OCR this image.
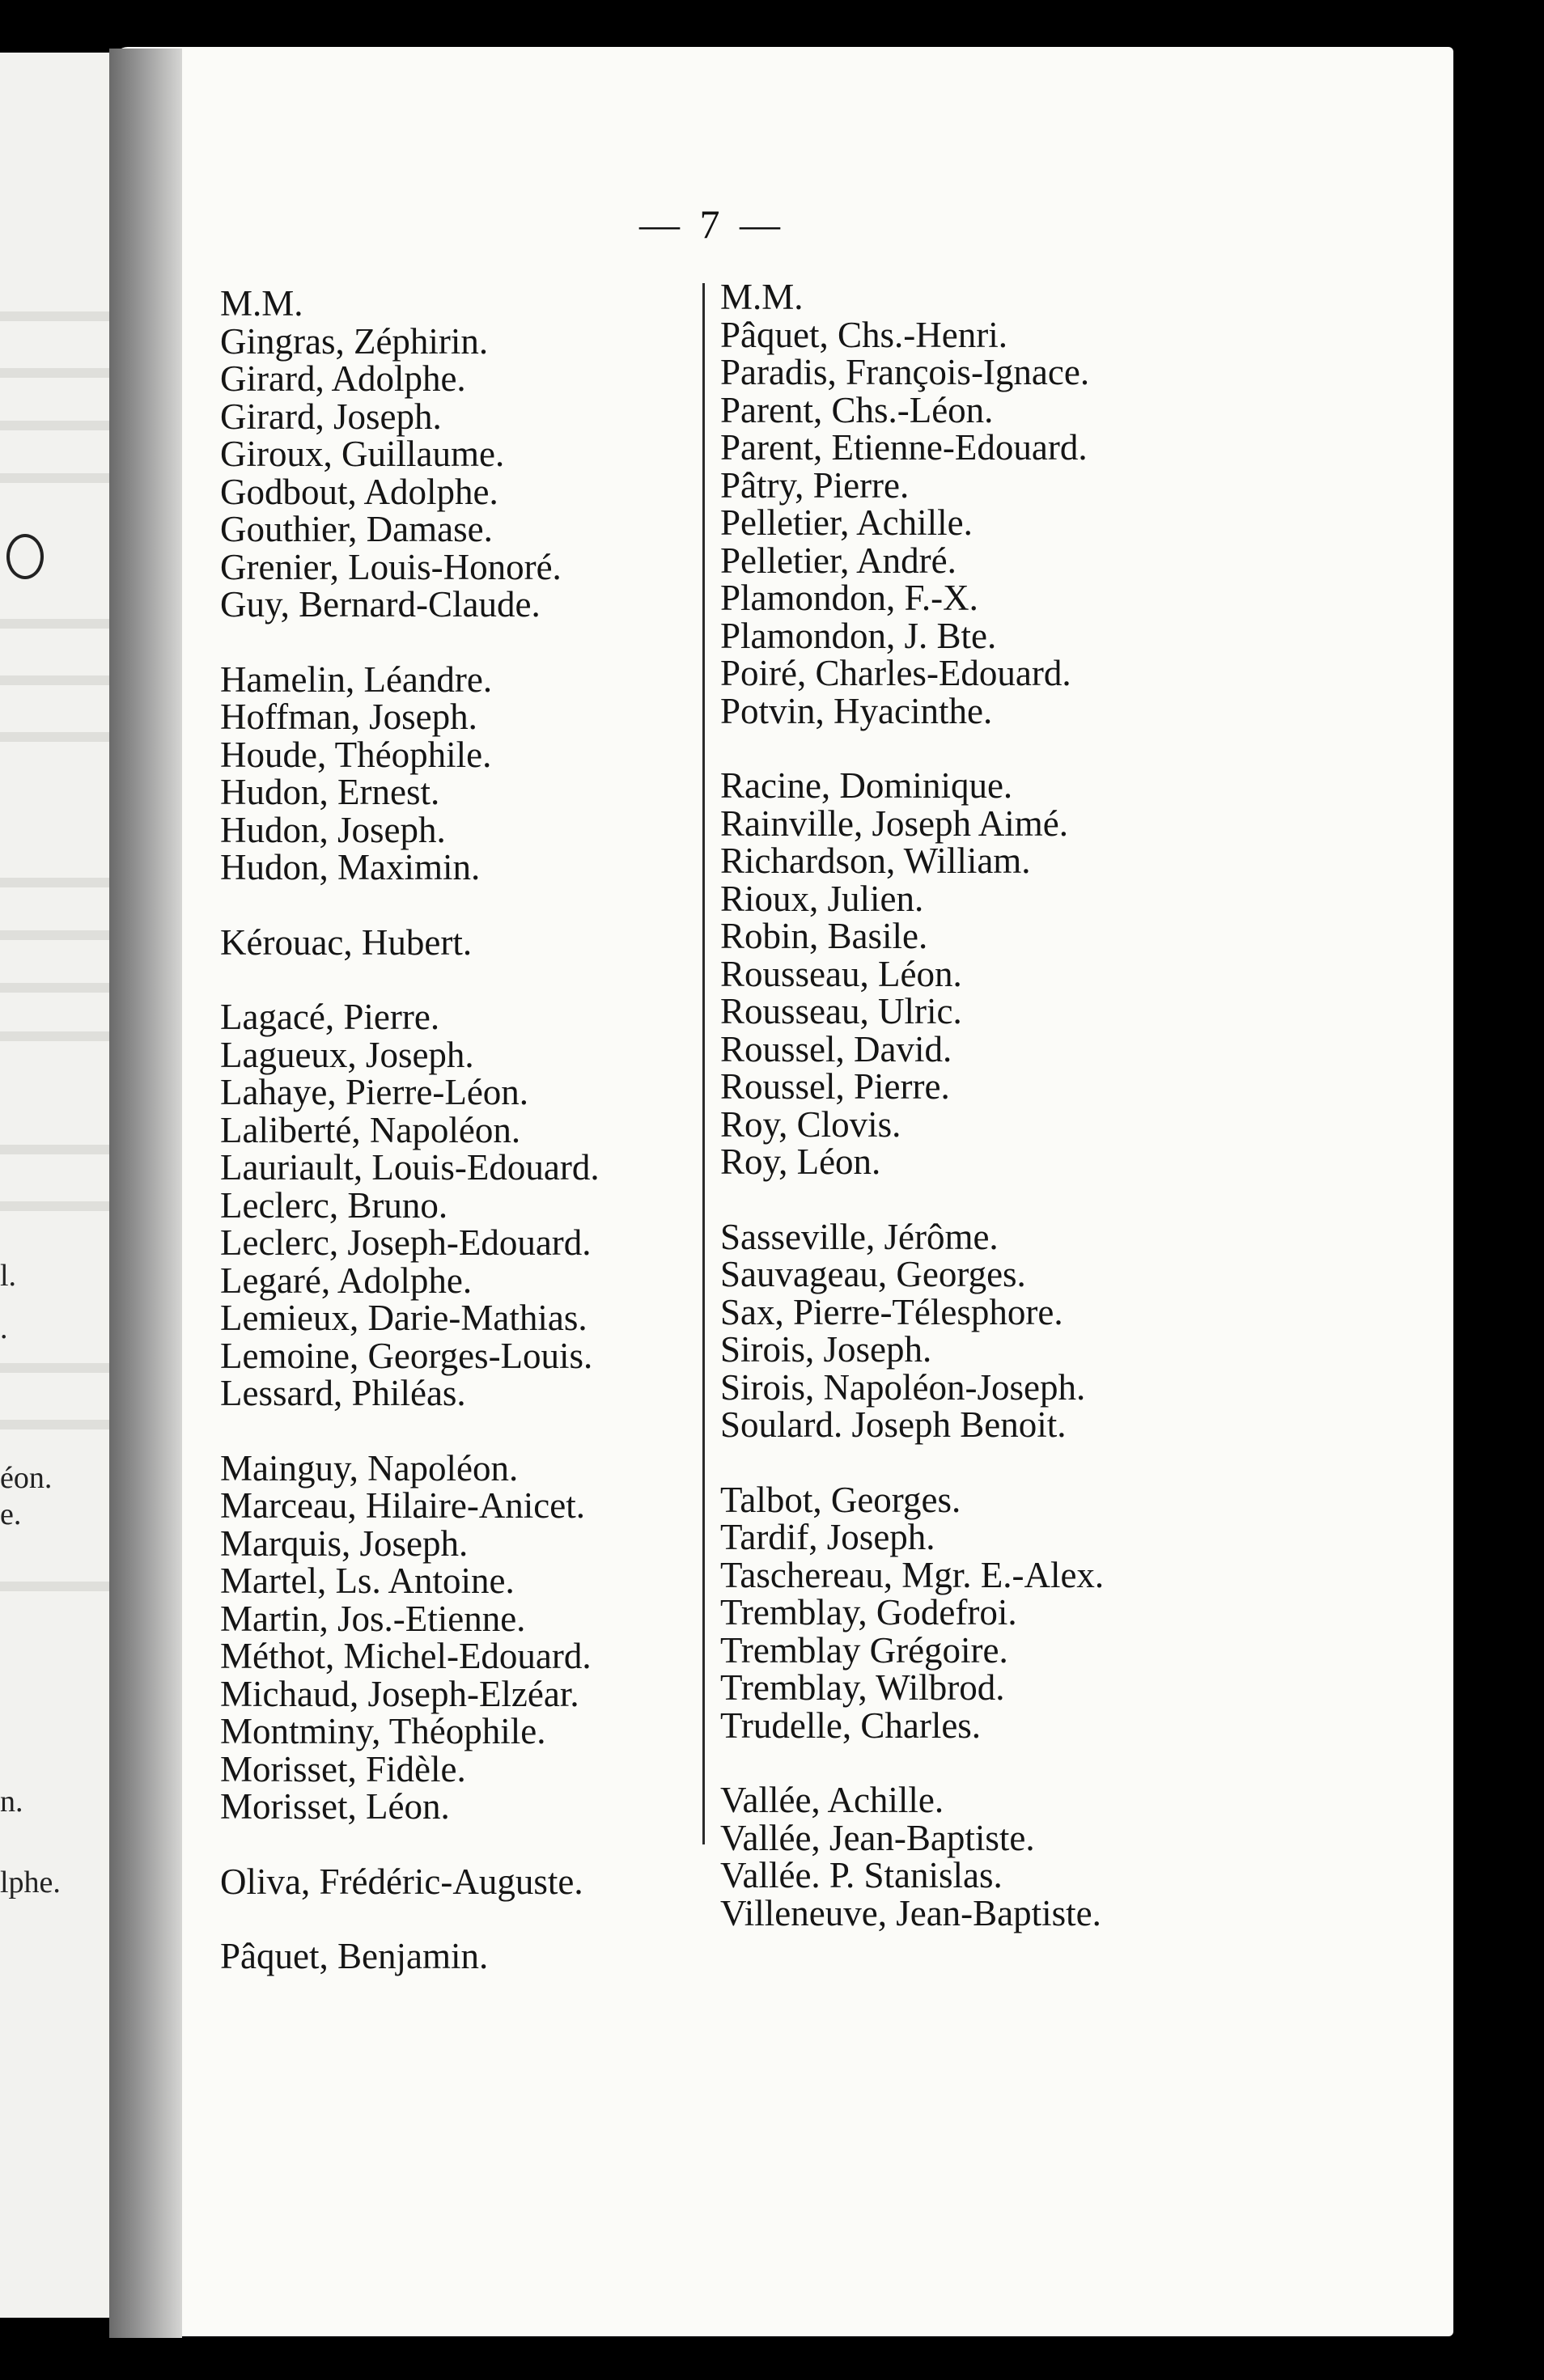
l.
.
éon.
e.
n.
lphe.
— 7 —
M.M.
Gingras, Zéphirin.
Girard, Adolphe.
Girard, Joseph.
Giroux, Guillaume.
Godbout, Adolphe.
Gouthier, Damase.
Grenier, Louis-Honoré.
Guy, Bernard-Claude.
Hamelin, Léandre.
Hoffman, Joseph.
Houde, Théophile.
Hudon, Ernest.
Hudon, Joseph.
Hudon, Maximin.
Kérouac, Hubert.
Lagacé, Pierre.
Lagueux, Joseph.
Lahaye, Pierre-Léon.
Laliberté, Napoléon.
Lauriault, Louis-Edouard.
Leclerc, Bruno.
Leclerc, Joseph-Edouard.
Legaré, Adolphe.
Lemieux, Darie-Mathias.
Lemoine, Georges-Louis.
Lessard, Philéas.
Mainguy, Napoléon.
Marceau, Hilaire-Anicet.
Marquis, Joseph.
Martel, Ls. Antoine.
Martin, Jos.-Etienne.
Méthot, Michel-Edouard.
Michaud, Joseph-Elzéar.
Montminy, Théophile.
Morisset, Fidèle.
Morisset, Léon.
Oliva, Frédéric-Auguste.
Pâquet, Benjamin.
M.M.
Pâquet, Chs.-Henri.
Paradis, François-Ignace.
Parent, Chs.-Léon.
Parent, Etienne-Edouard.
Pâtry, Pierre.
Pelletier, Achille.
Pelletier, André.
Plamondon, F.-X.
Plamondon, J. Bte.
Poiré, Charles-Edouard.
Potvin, Hyacinthe.
Racine, Dominique.
Rainville, Joseph Aimé.
Richardson, William.
Rioux, Julien.
Robin, Basile.
Rousseau, Léon.
Rousseau, Ulric.
Roussel, David.
Roussel, Pierre.
Roy, Clovis.
Roy, Léon.
Sasseville, Jérôme.
Sauvageau, Georges.
Sax, Pierre-Télesphore.
Sirois, Joseph.
Sirois, Napoléon-Joseph.
Soulard. Joseph Benoit.
Talbot, Georges.
Tardif, Joseph.
Taschereau, Mgr. E.-Alex.
Tremblay, Godefroi.
Tremblay Grégoire.
Tremblay, Wilbrod.
Trudelle, Charles.
Vallée, Achille.
Vallée, Jean-Baptiste.
Vallée. P. Stanislas.
Villeneuve, Jean-Baptiste.
